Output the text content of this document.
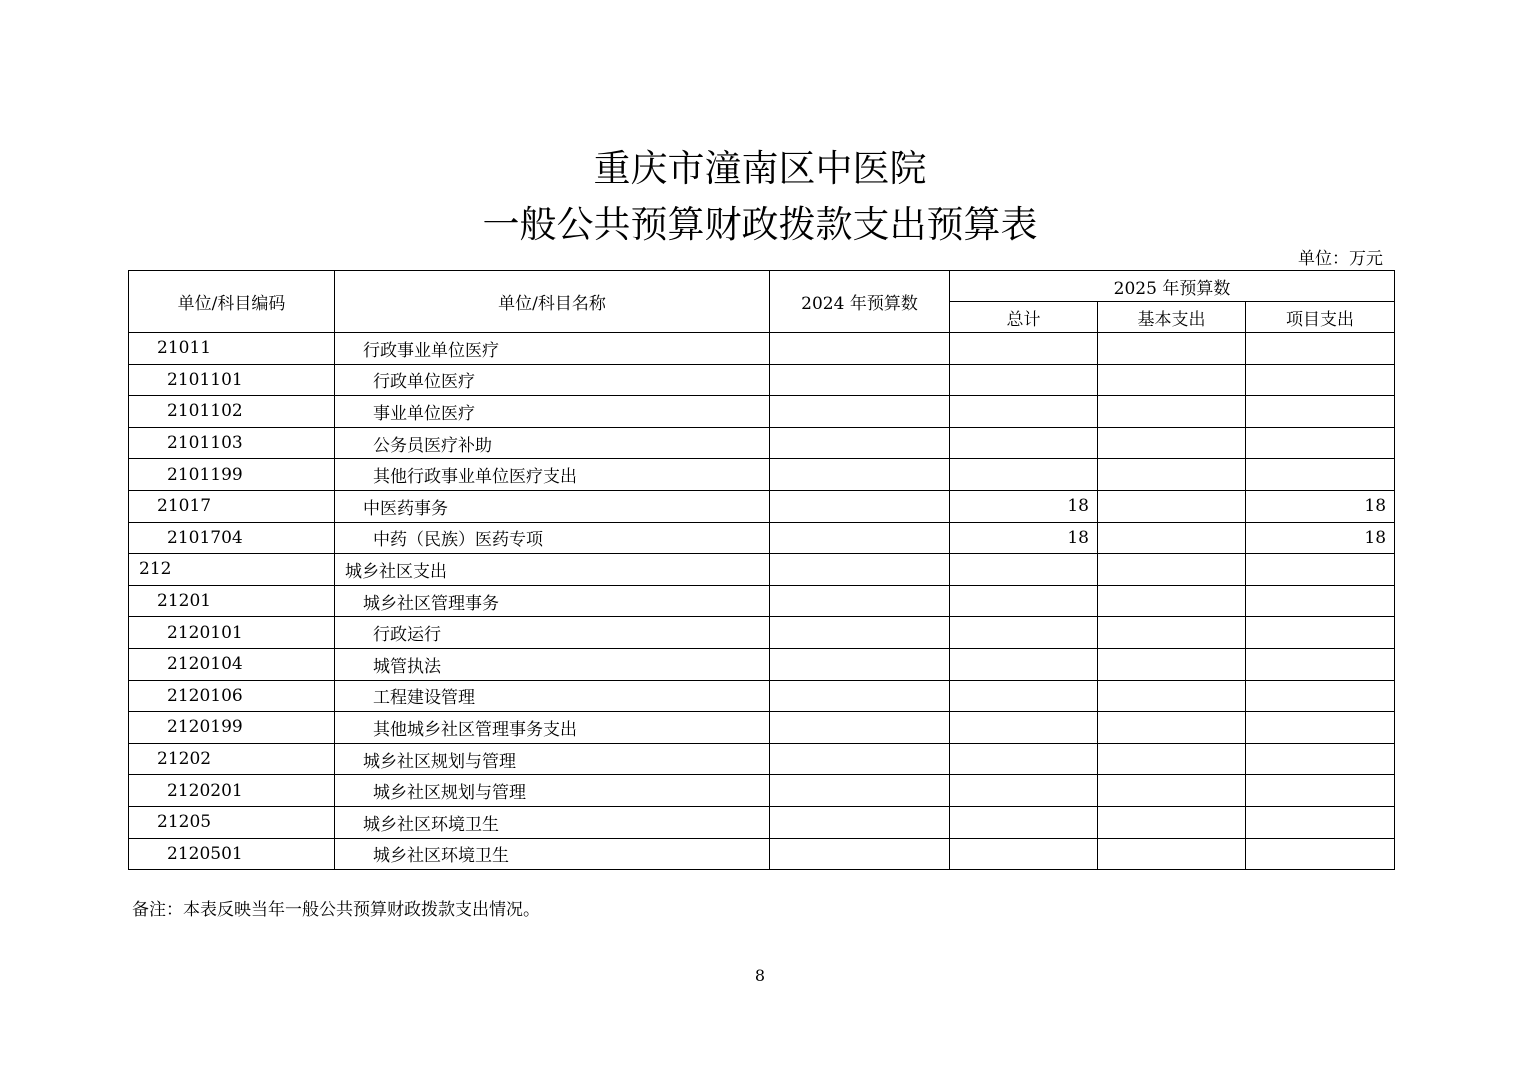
重庆市潼南区中医院
一般公共预算财政拨款支出预算表
单位：万元
单位/科目编码	单位/科目名称	2024 年预算数	2025 年预算数		
			总计	基本支出	项目支出
21011	行政事业单位医疗				
2101101	行政单位医疗				
2101102	事业单位医疗				
2101103	公务员医疗补助				
2101199	其他行政事业单位医疗支出				
21017	中医药事务		18		18
2101704	中药（民族）医药专项		18		18
212	城乡社区支出				
21201	城乡社区管理事务				
2120101	行政运行				
2120104	城管执法				
2120106	工程建设管理				
2120199	其他城乡社区管理事务支出				
21202	城乡社区规划与管理				
2120201	城乡社区规划与管理				
21205	城乡社区环境卫生				
2120501	城乡社区环境卫生				
备注：本表反映当年一般公共预算财政拨款支出情况。
8
